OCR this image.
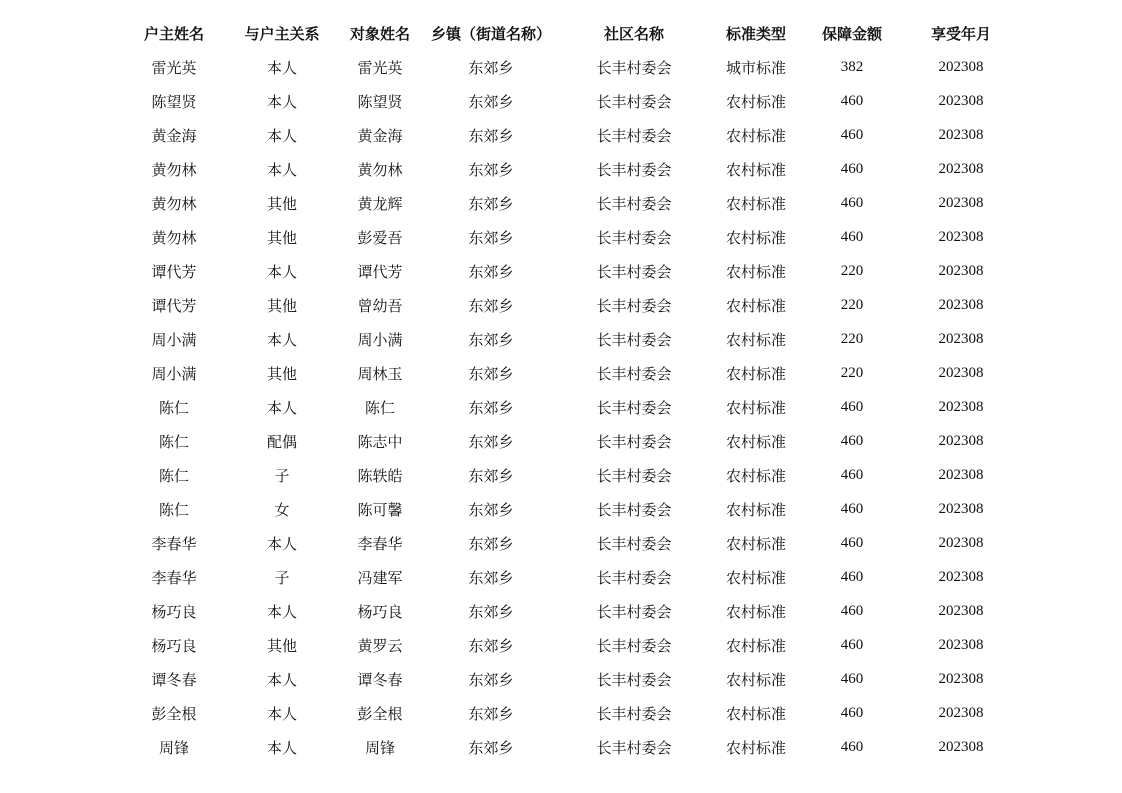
户主姓名	与户主关系	对象姓名	乡镇（街道名称）	社区名称	标准类型	保障金额	享受年月
雷光英	本人	雷光英	东郊乡	长丰村委会	城市标准	382	202308
陈望贤	本人	陈望贤	东郊乡	长丰村委会	农村标准	460	202308
黄金海	本人	黄金海	东郊乡	长丰村委会	农村标准	460	202308
黄勿林	本人	黄勿林	东郊乡	长丰村委会	农村标准	460	202308
黄勿林	其他	黄龙辉	东郊乡	长丰村委会	农村标准	460	202308
黄勿林	其他	彭爱吾	东郊乡	长丰村委会	农村标准	460	202308
谭代芳	本人	谭代芳	东郊乡	长丰村委会	农村标准	220	202308
谭代芳	其他	曾幼吾	东郊乡	长丰村委会	农村标准	220	202308
周小满	本人	周小满	东郊乡	长丰村委会	农村标准	220	202308
周小满	其他	周林玉	东郊乡	长丰村委会	农村标准	220	202308
陈仁	本人	陈仁	东郊乡	长丰村委会	农村标准	460	202308
陈仁	配偶	陈志中	东郊乡	长丰村委会	农村标准	460	202308
陈仁	子	陈轶皓	东郊乡	长丰村委会	农村标准	460	202308
陈仁	女	陈可馨	东郊乡	长丰村委会	农村标准	460	202308
李春华	本人	李春华	东郊乡	长丰村委会	农村标准	460	202308
李春华	子	冯建军	东郊乡	长丰村委会	农村标准	460	202308
杨巧良	本人	杨巧良	东郊乡	长丰村委会	农村标准	460	202308
杨巧良	其他	黄罗云	东郊乡	长丰村委会	农村标准	460	202308
谭冬春	本人	谭冬春	东郊乡	长丰村委会	农村标准	460	202308
彭全根	本人	彭全根	东郊乡	长丰村委会	农村标准	460	202308
周锋	本人	周锋	东郊乡	长丰村委会	农村标准	460	202308
